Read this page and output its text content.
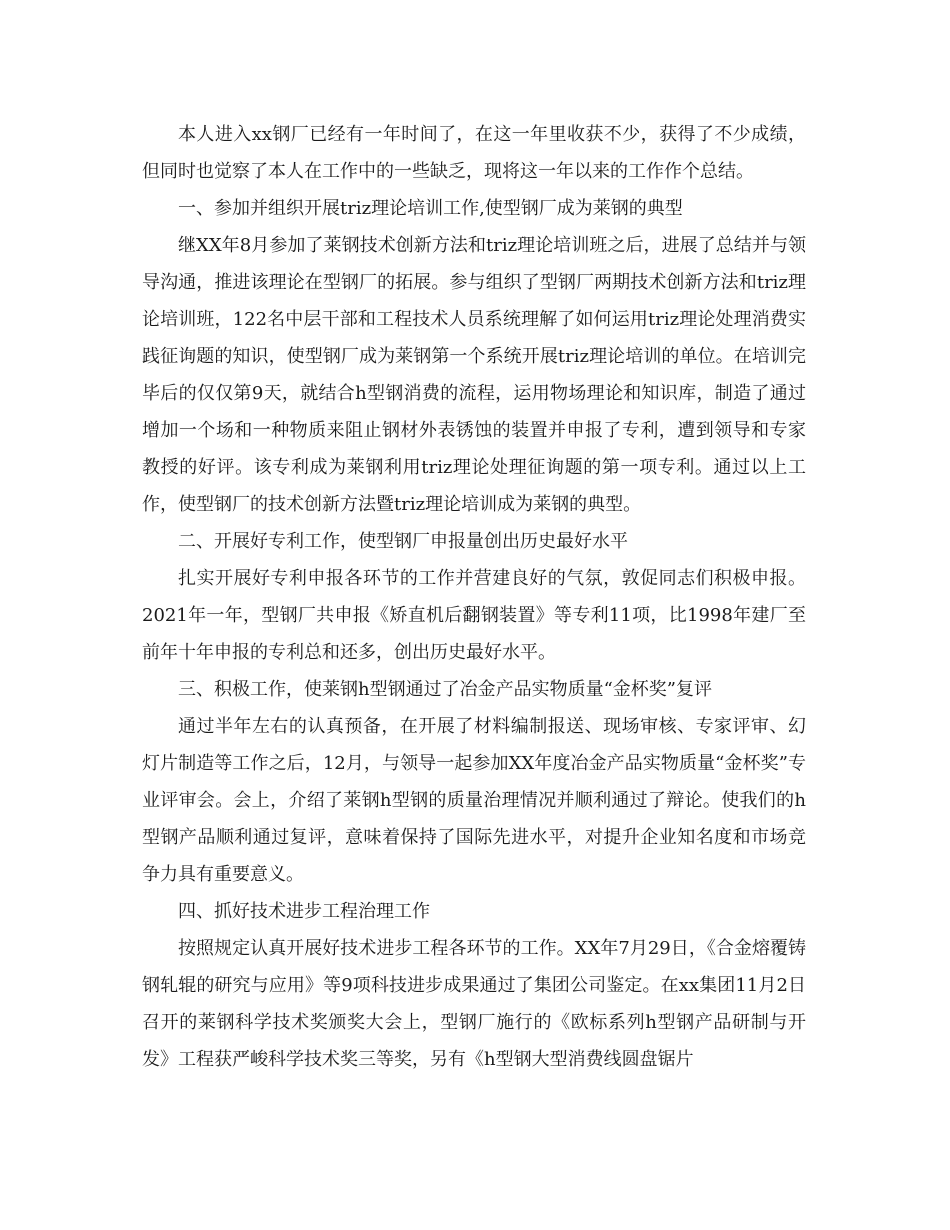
本人进入xx钢厂已经有一年时间了，在这一年里收获不少，获得了不少成绩，但同时也觉察了本人在工作中的一些缺乏，现将这一年以来的工作作个总结。

一、参加并组织开展triz理论培训工作,使型钢厂成为莱钢的典型

继XX年8月参加了莱钢技术创新方法和triz理论培训班之后，进展了总结并与领导沟通，推进该理论在型钢厂的拓展。参与组织了型钢厂两期技术创新方法和triz理论培训班，122名中层干部和工程技术人员系统理解了如何运用triz理论处理消费实践征询题的知识，使型钢厂成为莱钢第一个系统开展triz理论培训的单位。在培训完毕后的仅仅第9天，就结合h型钢消费的流程，运用物场理论和知识库，制造了通过增加一个场和一种物质来阻止钢材外表锈蚀的装置并申报了专利，遭到领导和专家教授的好评。该专利成为莱钢利用triz理论处理征询题的第一项专利。通过以上工作，使型钢厂的技术创新方法暨triz理论培训成为莱钢的典型。

二、开展好专利工作，使型钢厂申报量创出历史最好水平

扎实开展好专利申报各环节的工作并营建良好的气氛，敦促同志们积极申报。2021年一年，型钢厂共申报《矫直机后翻钢装置》等专利11项，比1998年建厂至前年十年申报的专利总和还多，创出历史最好水平。

三、积极工作，使莱钢h型钢通过了冶金产品实物质量“金杯奖”复评

通过半年左右的认真预备，在开展了材料编制报送、现场审核、专家评审、幻灯片制造等工作之后，12月，与领导一起参加XX年度冶金产品实物质量“金杯奖”专业评审会。会上，介绍了莱钢h型钢的质量治理情况并顺利通过了辩论。使我们的h型钢产品顺利通过复评，意味着保持了国际先进水平，对提升企业知名度和市场竞争力具有重要意义。

四、抓好技术进步工程治理工作

按照规定认真开展好技术进步工程各环节的工作。XX年7月29日，《合金熔覆铸钢轧辊的研究与应用》等9项科技进步成果通过了集团公司鉴定。在xx集团11月2日召开的莱钢科学技术奖颁奖大会上，型钢厂施行的《欧标系列h型钢产品研制与开发》工程获严峻科学技术奖三等奖，另有《h型钢大型消费线圆盘锯片
